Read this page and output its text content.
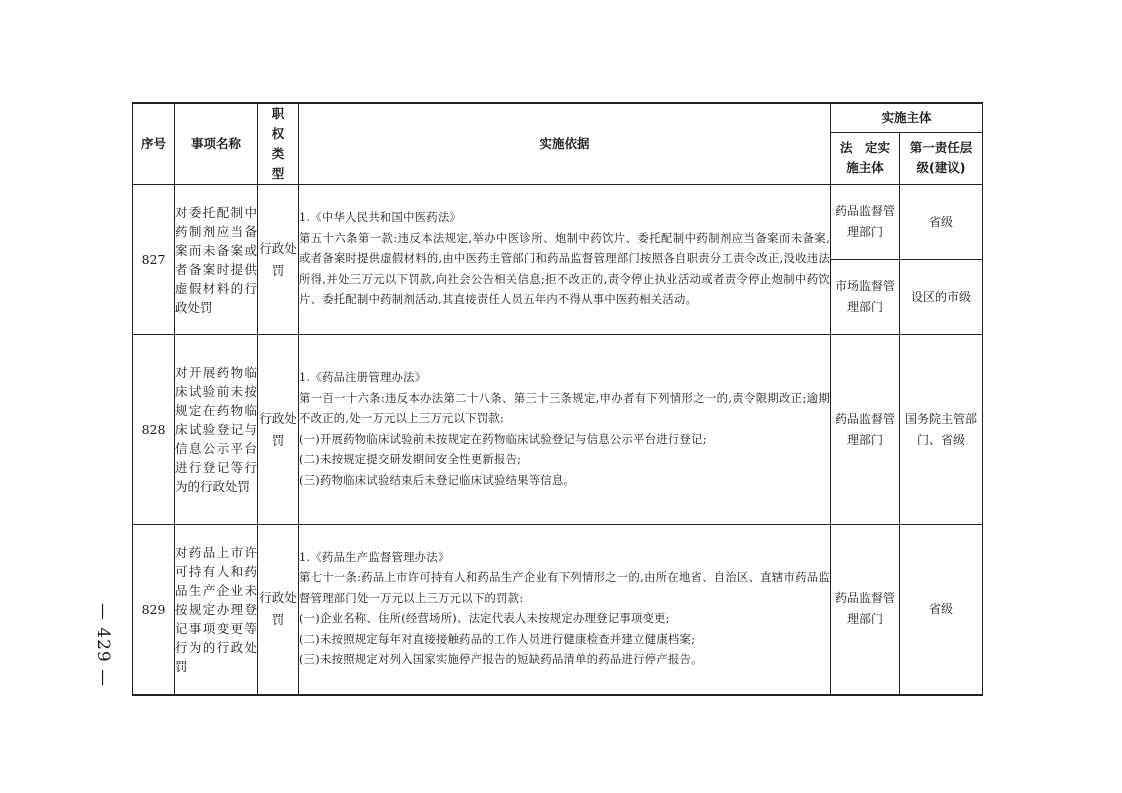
— 429 —
序号	事项名称	职权类型	实施依据	实施主体	
				法　定实施主体	第一责任层级(建议)
827	对委托配制中药制剂应当备案而未备案或者备案时提供虚假材料的行政处罚	行政处罚	1.《中华人民共和国中医药法》
第五十六条第一款:违反本法规定,举办中医诊所、炮制中药饮片、委托配制中药制剂应当备案而未备案,或者备案时提供虚假材料的,由中医药主管部门和药品监督管理部门按照各自职责分工责令改正,没收违法所得,并处三万元以下罚款,向社会公告相关信息;拒不改正的,责令停止执业活动或者责令停止炮制中药饮片、委托配制中药制剂活动,其直接责任人员五年内不得从事中医药相关活动。	药品监督管理部门	省级
				市场监督管理部门	设区的市级
828	对开展药物临床试验前未按规定在药物临床试验登记与信息公示平台进行登记等行为的行政处罚	行政处罚	1.《药品注册管理办法》
第一百一十六条:违反本办法第二十八条、第三十三条规定,申办者有下列情形之一的,责令限期改正;逾期不改正的,处一万元以上三万元以下罚款:
(一)开展药物临床试验前未按规定在药物临床试验登记与信息公示平台进行登记;
(二)未按规定提交研发期间安全性更新报告;
(三)药物临床试验结束后未登记临床试验结果等信息。	药品监督管理部门	国务院主管部门、省级
829	对药品上市许可持有人和药品生产企业未按规定办理登记事项变更等行为的行政处罚	行政处罚	1.《药品生产监督管理办法》
第七十一条:药品上市许可持有人和药品生产企业有下列情形之一的,由所在地省、自治区、直辖市药品监督管理部门处一万元以上三万元以下的罚款:
(一)企业名称、住所(经营场所)、法定代表人未按规定办理登记事项变更;
(二)未按照规定每年对直接接触药品的工作人员进行健康检查并建立健康档案;
(三)未按照规定对列入国家实施停产报告的短缺药品清单的药品进行停产报告。	药品监督管理部门	省级
